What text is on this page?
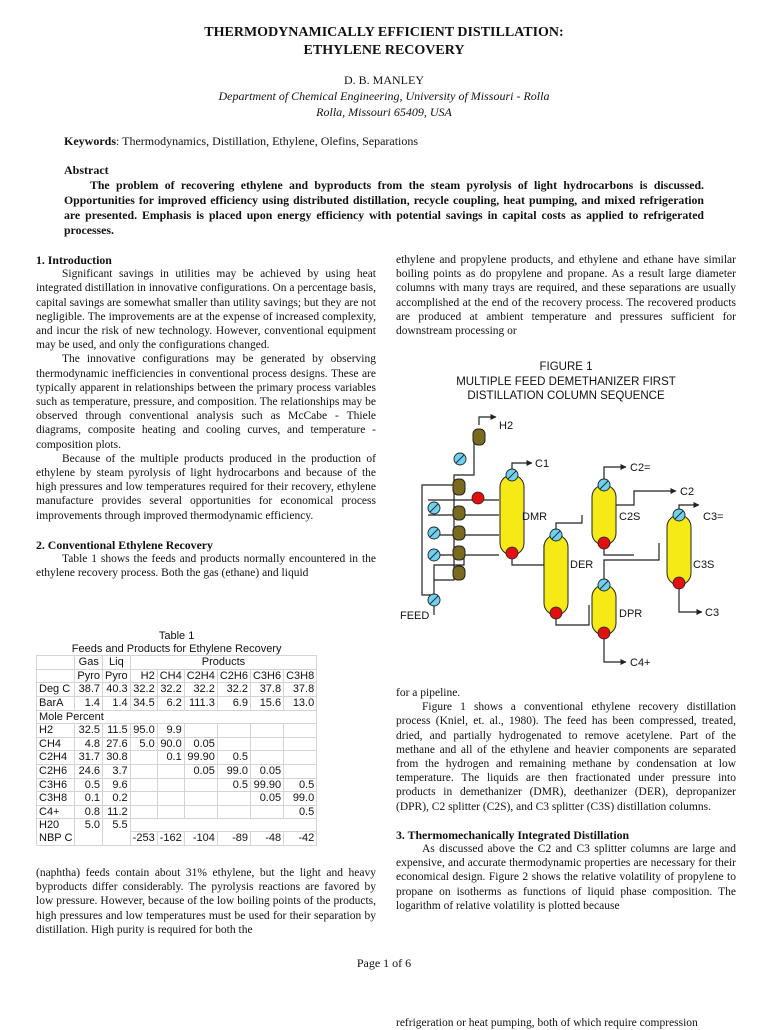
THERMODYNAMICALLY EFFICIENT DISTILLATION:
ETHYLENE RECOVERY
D. B. MANLEY
Department of Chemical Engineering, University of Missouri - Rolla
Rolla, Missouri 65409, USA
Keywords: Thermodynamics, Distillation, Ethylene, Olefins, Separations
Abstract
The problem of recovering ethylene and byproducts from the steam pyrolysis of light hydrocarbons is discussed. Opportunities for improved efficiency using distributed distillation, recycle coupling, heat pumping, and mixed refrigeration are presented. Emphasis is placed upon energy efficiency with potential savings in capital costs as applied to refrigerated processes.

1. Introduction

Significant savings in utilities may be achieved by using heat integrated distillation in innovative configurations. On a percentage basis, capital savings are somewhat smaller than utility savings; but they are not negligible. The improvements are at the expense of increased complexity, and incur the risk of new technology. However, conventional equipment may be used, and only the configurations changed.

The innovative configurations may be generated by observing thermodynamic inefficiencies in conventional process designs. These are typically apparent in relationships between the primary process variables such as temperature, pressure, and composition. The relationships may be observed through conventional analysis such as McCabe - Thiele diagrams, composite heating and cooling curves, and temperature - composition plots.

Because of the multiple products produced in the production of ethylene by steam pyrolysis of light hydrocarbons and because of the high pressures and low temperatures required for their recovery, ethylene manufacture provides several opportunities for economical process improvements through improved thermodynamic efficiency.

2. Conventional Ethylene Recovery

Table 1 shows the feeds and products normally encountered in the ethylene recovery process. Both the gas (ethane) and liquid

Table 1								
Feeds and Products for Ethylene Recovery								
	Gas	Liq	Products					
	Pyro	Pyro	H2	CH4	C2H4	C2H6	C3H6	C3H8
Deg C	38.7	40.3	32.2	32.2	32.2	32.2	37.8	37.8
BarA	1.4	1.4	34.5	6.2	111.3	6.9	15.6	13.0
Mole Percent								
H2	32.5	11.5	95.0	9.9				
CH4	4.8	27.6	5.0	90.0	0.05			
C2H4	31.7	30.8		0.1	99.90	0.5		
C2H6	24.6	3.7			0.05	99.0	0.05	
C3H6	0.5	9.6				0.5	99.90	0.5
C3H8	0.1	0.2					0.05	99.0
C4+	0.8	11.2						0.5
H20	5.0	5.5						
NBP C			-253	-162	-104	-89	-48	-42
(naphtha) feeds contain about 31% ethylene, but the light and heavy byproducts differ considerably. The pyrolysis reactions are favored by low pressure. However, because of the low boiling points of the products, high pressures and low temperatures must be used for their separation by distillation. High purity is required for both the
ethylene and propylene products, and ethylene and ethane have similar boiling points as do propylene and propane. As a result large diameter columns with many trays are required, and these separations are usually accomplished at the end of the recovery process. The recovered products are produced at ambient temperature and pressures sufficient for downstream processing or
FIGURE 1
MULTIPLE FEED DEMETHANIZER FIRST
DISTILLATION COLUMN SEQUENCE
FEED
H2
C1
DMR
DER
C2S
C3S
DPR
C2=
C2
C3=
C3
C4+

for a pipeline.

Figure 1 shows a conventional ethylene recovery distillation process (Kniel, et. al., 1980). The feed has been compressed, treated, dried, and partially hydrogenated to remove acetylene. Part of the methane and all of the ethylene and heavier components are separated from the hydrogen and remaining methane by condensation at low temperature. The liquids are then fractionated under pressure into products in demethanizer (DMR), deethanizer (DER), depropanizer (DPR), C2 splitter (C2S), and C3 splitter (C3S) distillation columns.

3. Thermomechanically Integrated Distillation

As discussed above the C2 and C3 splitter columns are large and expensive, and accurate thermodynamic properties are necessary for their economical design. Figure 2 shows the relative volatility of propylene to propane on isotherms as functions of liquid phase composition. The logarithm of relative volatility is plotted because

Page 1 of 6
refrigeration or heat pumping, both of which require compression
